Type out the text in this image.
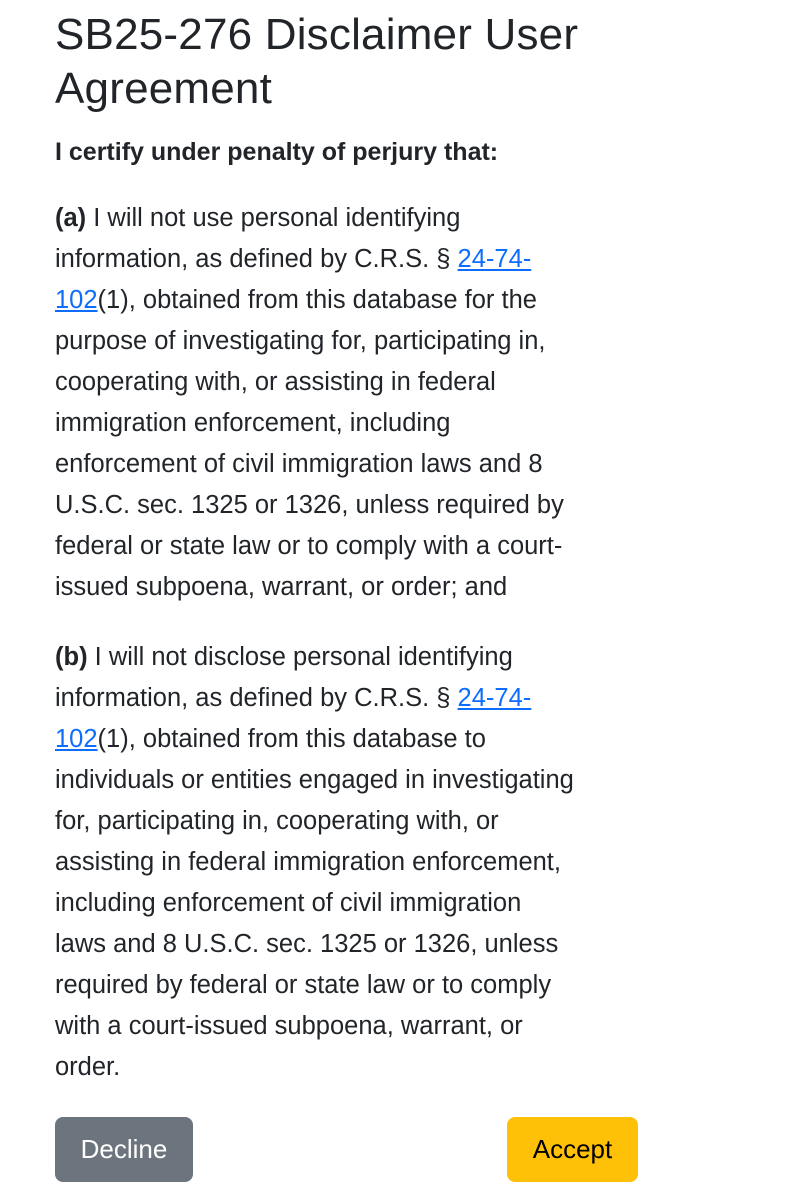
SB25-276 Disclaimer User
Agreement

I certify under penalty of perjury that:

(a) I will not use personal identifying
information, as defined by C.R.S. § 24-74-
102(1), obtained from this database for the
purpose of investigating for, participating in,
cooperating with, or assisting in federal
immigration enforcement, including
enforcement of civil immigration laws and 8
U.S.C. sec. 1325 or 1326, unless required by
federal or state law or to comply with a court-
issued subpoena, warrant, or order; and

(b) I will not disclose personal identifying
information, as defined by C.R.S. § 24-74-
102(1), obtained from this database to
individuals or entities engaged in investigating
for, participating in, cooperating with, or
assisting in federal immigration enforcement,
including enforcement of civil immigration
laws and 8 U.S.C. sec. 1325 or 1326, unless
required by federal or state law or to comply
with a court-issued subpoena, warrant, or
order.

Decline	Accept
